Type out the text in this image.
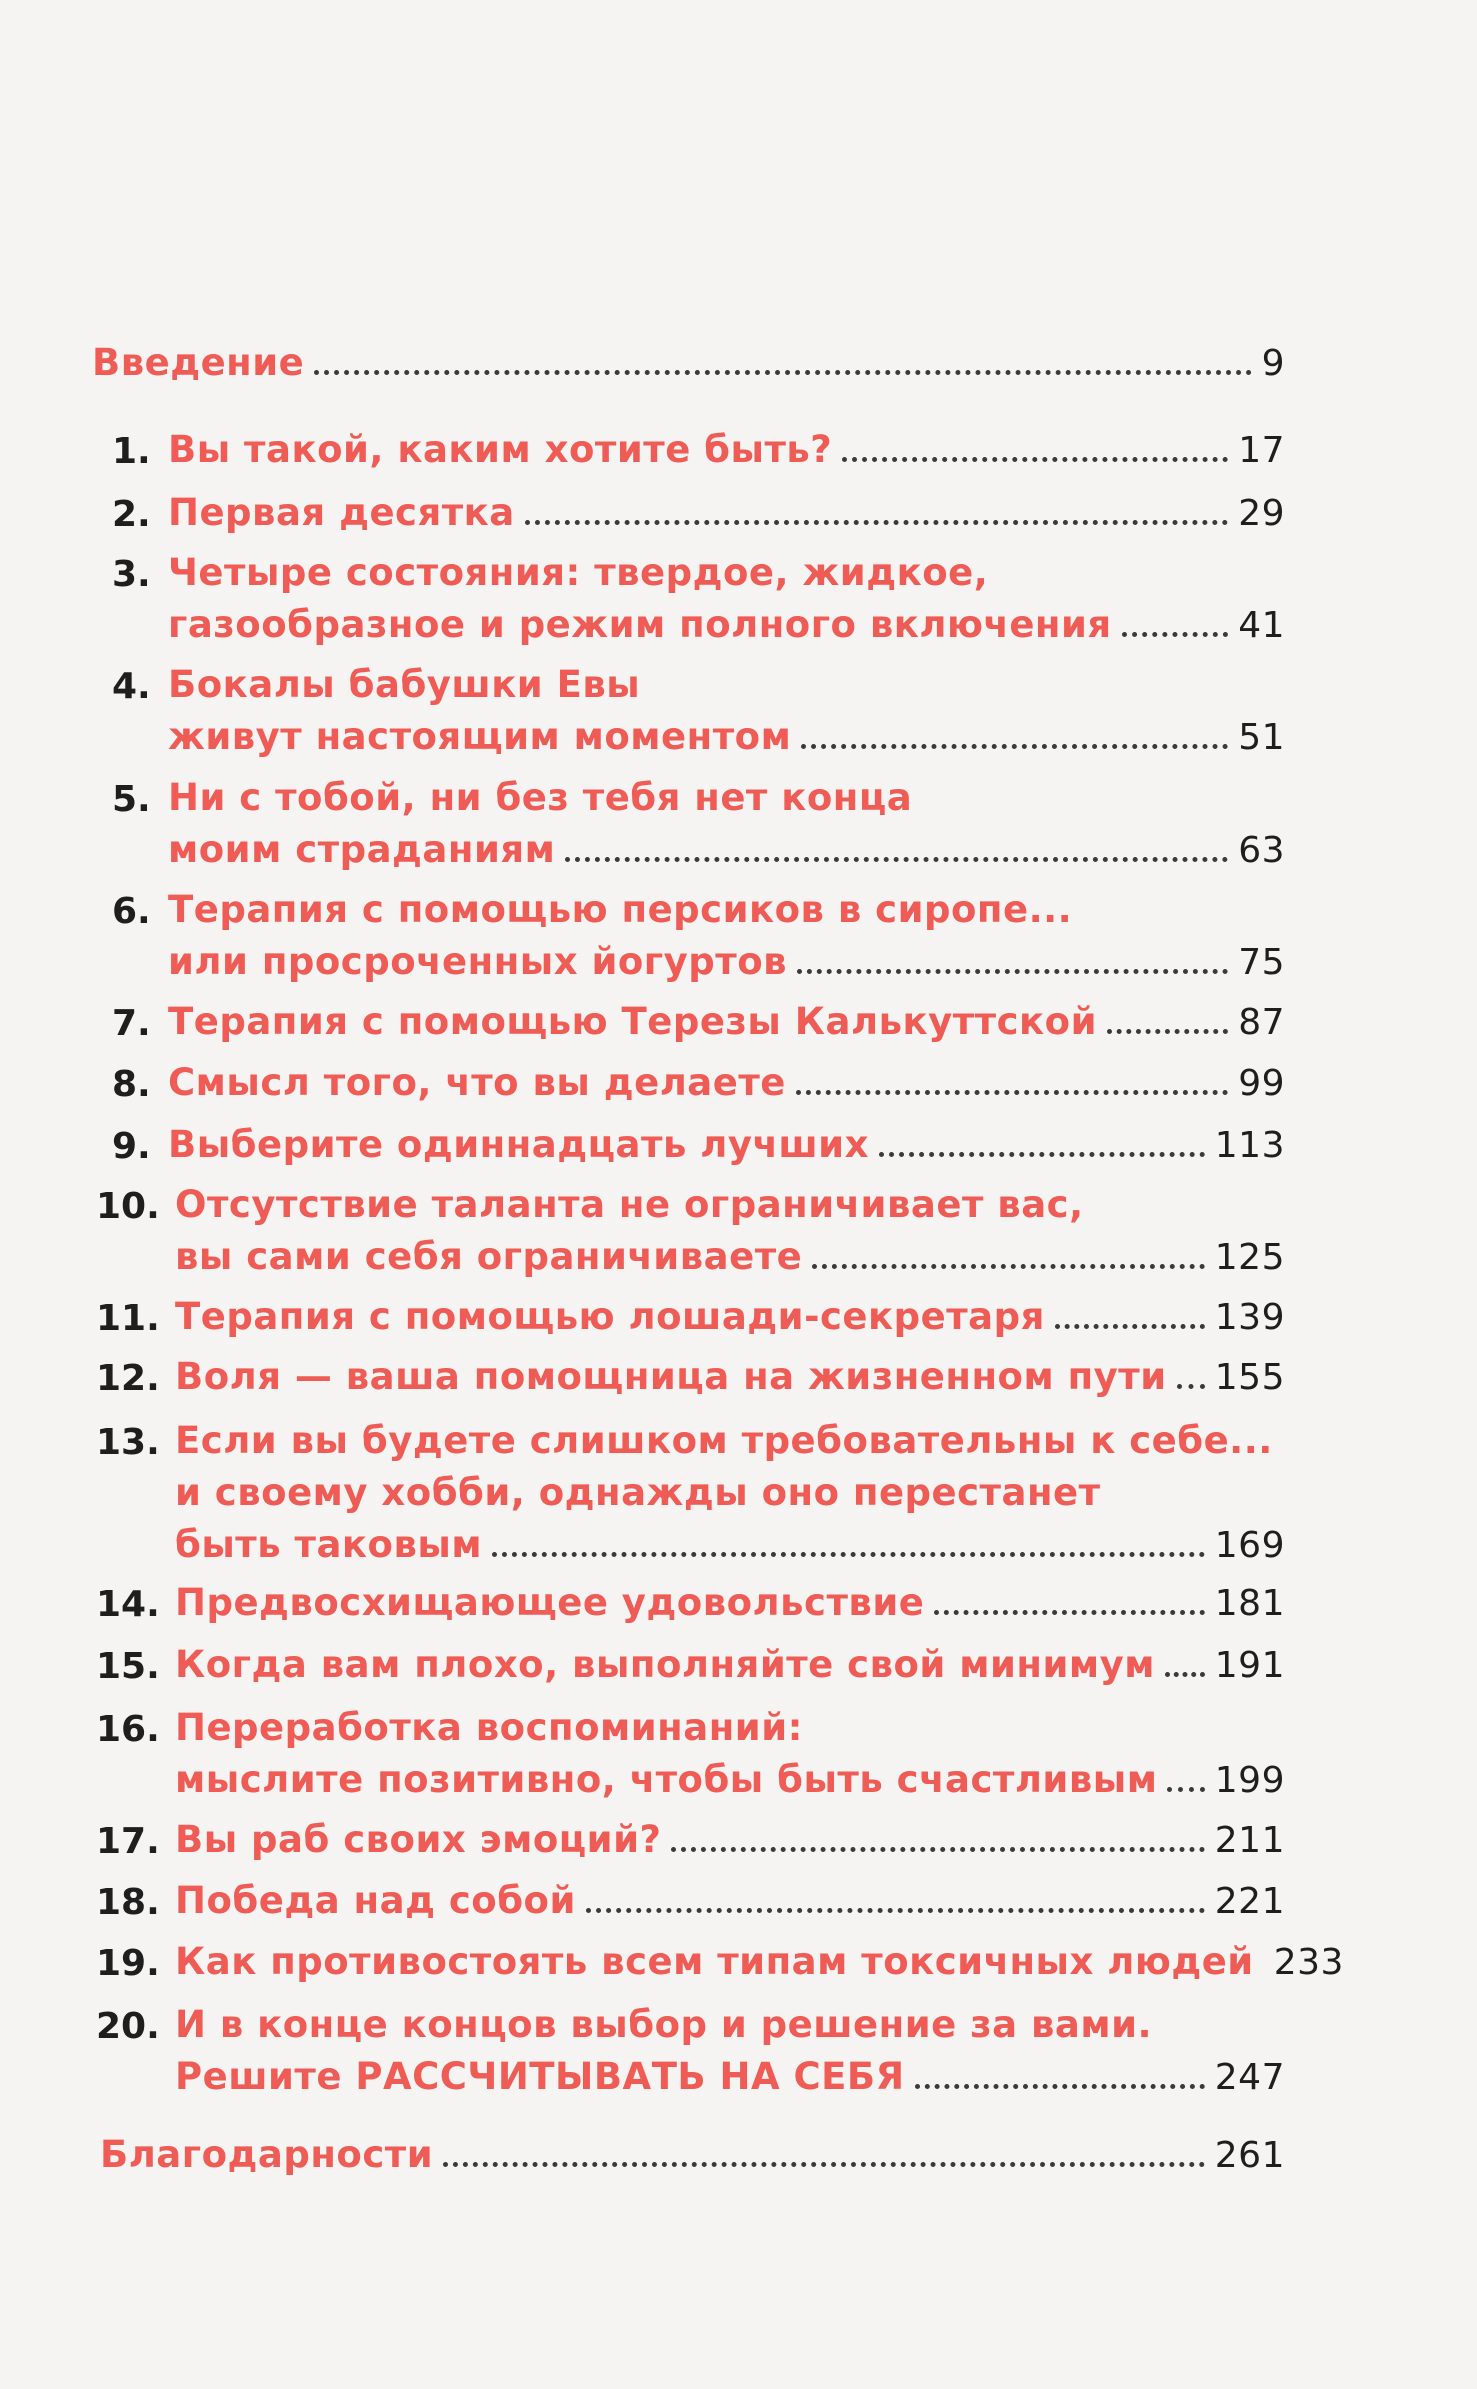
Введение	9
1. Вы такой, каким хотите быть?	17
2. Первая десятка	29
3. Четыре состояния: твердое, жидкое,
газообразное и режим полного включения	41
4. Бокалы бабушки Евы
живут настоящим моментом	51
5. Ни с тобой, ни без тебя нет конца
моим страданиям	63
6. Терапия с помощью персиков в сиропе...
или просроченных йогуртов	75
7. Терапия с помощью Терезы Калькуттской	87
8. Смысл того, что вы делаете	99
9. Выберите одиннадцать лучших	113
10. Отсутствие таланта не ограничивает вас,
вы сами себя ограничиваете	125
11. Терапия с помощью лошади-секретаря	139
12. Воля — ваша помощница на жизненном пути 155
13. Если вы будете слишком требовательны к себе...
и своему хобби, однажды оно перестанет
быть таковым	169
14. Предвосхищающее удовольствие	181
15. Когда вам плохо, выполняйте свой минимум 191
16. Переработка воспоминаний:
мыслите позитивно, чтобы быть счастливым 199
17. Вы раб своих эмоций?	211
18. Победа над собой	221
19. Как противостоять всем типам токсичных людей 233
20. И в конце концов выбор и решение за вами.
Решите РАССЧИТЫВАТЬ НА СЕБЯ	247
Благодарности	261
